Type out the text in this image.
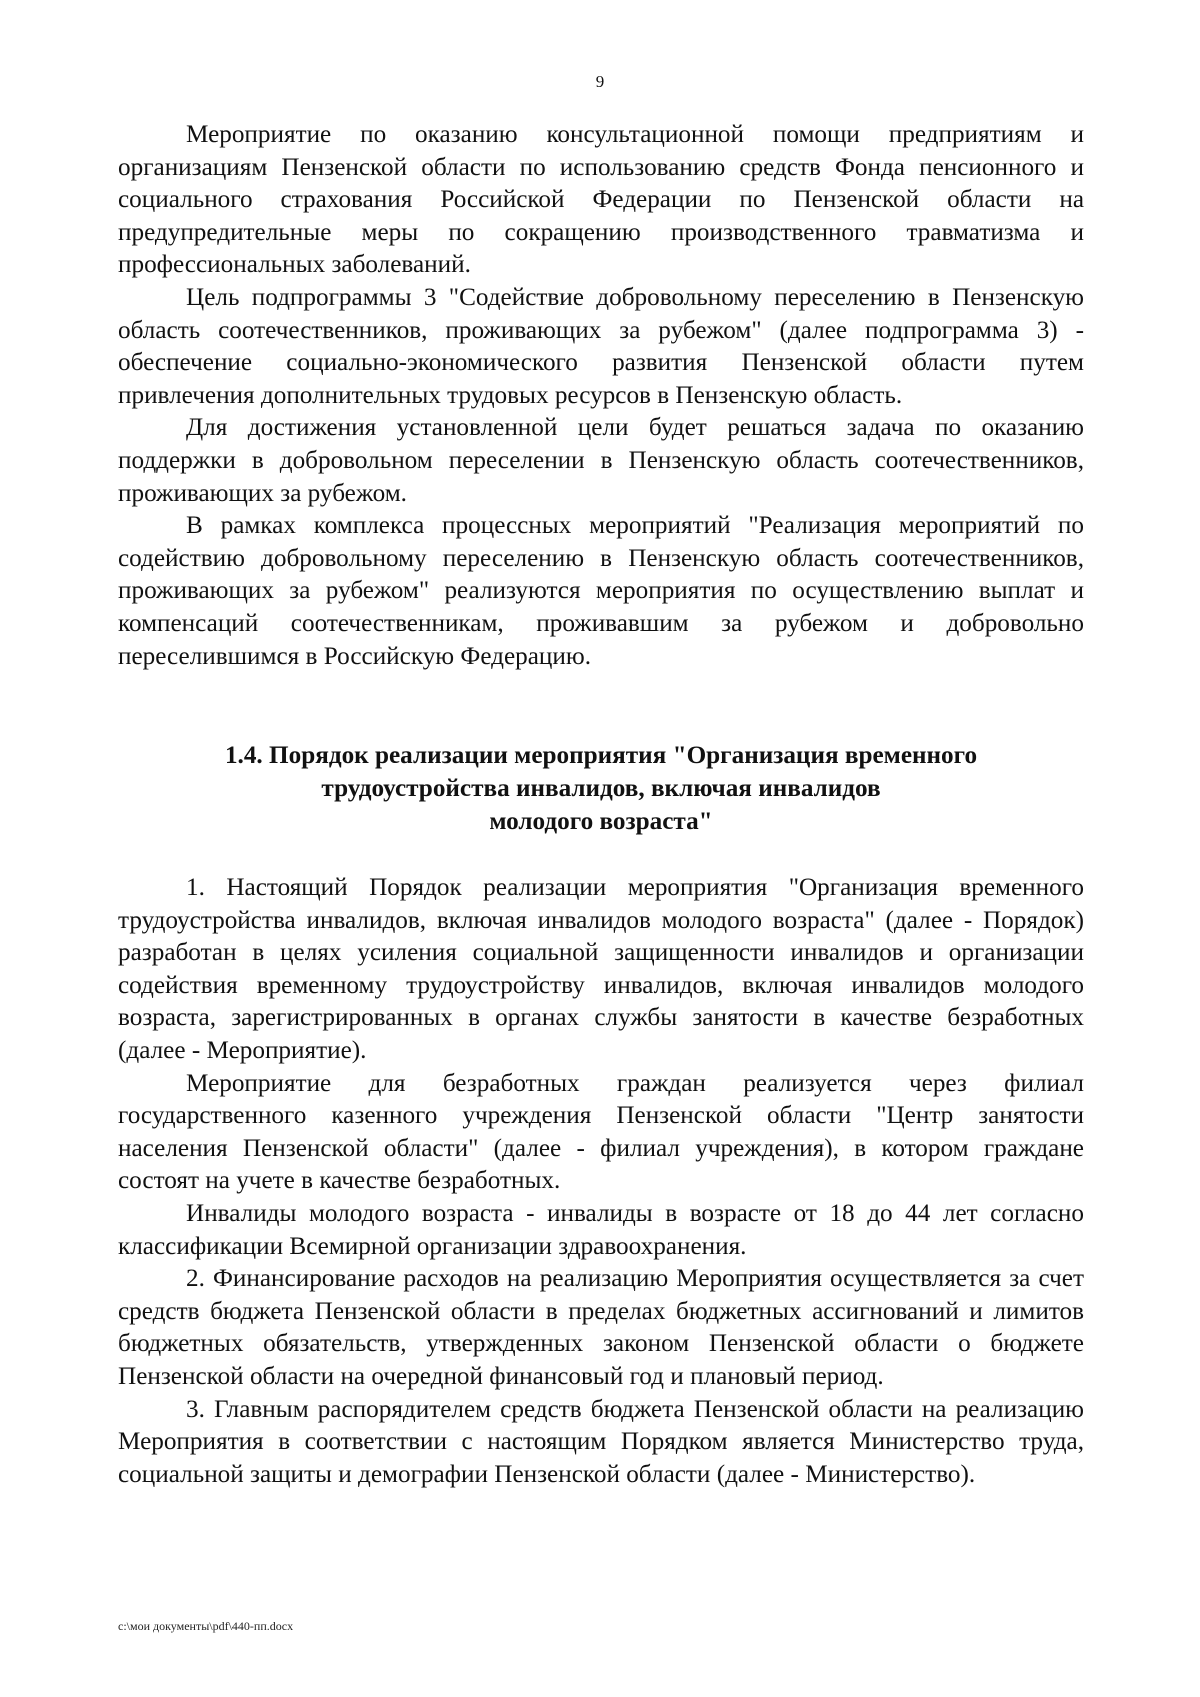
9

Мероприятие по оказанию консультационной помощи предприятиям и организациям Пензенской области по использованию средств Фонда пенсионного и социального страхования Российской Федерации по Пензенской области на предупредительные меры по сокращению производственного травматизма и профессиональных заболеваний.

Цель подпрограммы 3 "Содействие добровольному переселению в Пензенскую область соотечественников, проживающих за рубежом" (далее подпрограмма 3) - обеспечение социально-экономического развития Пензенской области путем привлечения дополнительных трудовых ресурсов в Пензенскую область.

Для достижения установленной цели будет решаться задача по оказанию поддержки в добровольном переселении в Пензенскую область соотечественников, проживающих за рубежом.

В рамках комплекса процессных мероприятий "Реализация мероприятий по содействию добровольному переселению в Пензенскую область соотечественников, проживающих за рубежом" реализуются мероприятия по осуществлению выплат и компенсаций соотечественникам, проживавшим за рубежом и добровольно переселившимся в Российскую Федерацию.

1.4. Порядок реализации мероприятия "Организация временного
трудоустройства инвалидов, включая инвалидов
молодого возраста"

1. Настоящий Порядок реализации мероприятия "Организация временного трудоустройства инвалидов, включая инвалидов молодого возраста" (далее - Порядок) разработан в целях усиления социальной защищенности инвалидов и организации содействия временному трудоустройству инвалидов, включая инвалидов молодого возраста, зарегистрированных в органах службы занятости в качестве безработных (далее - Мероприятие).

Мероприятие для безработных граждан реализуется через филиал государственного казенного учреждения Пензенской области "Центр занятости населения Пензенской области" (далее - филиал учреждения), в котором граждане состоят на учете в качестве безработных.

Инвалиды молодого возраста - инвалиды в возрасте от 18 до 44 лет согласно классификации Всемирной организации здравоохранения.

2. Финансирование расходов на реализацию Мероприятия осуществляется за счет средств бюджета Пензенской области в пределах бюджетных ассигнований и лимитов бюджетных обязательств, утвержденных законом Пензенской области о бюджете Пензенской области на очередной финансовый год и плановый период.

3. Главным распорядителем средств бюджета Пензенской области на реализацию Мероприятия в соответствии с настоящим Порядком является Министерство труда, социальной защиты и демографии Пензенской области (далее - Министерство).

c:\мои документы\pdf\440-пп.docx
